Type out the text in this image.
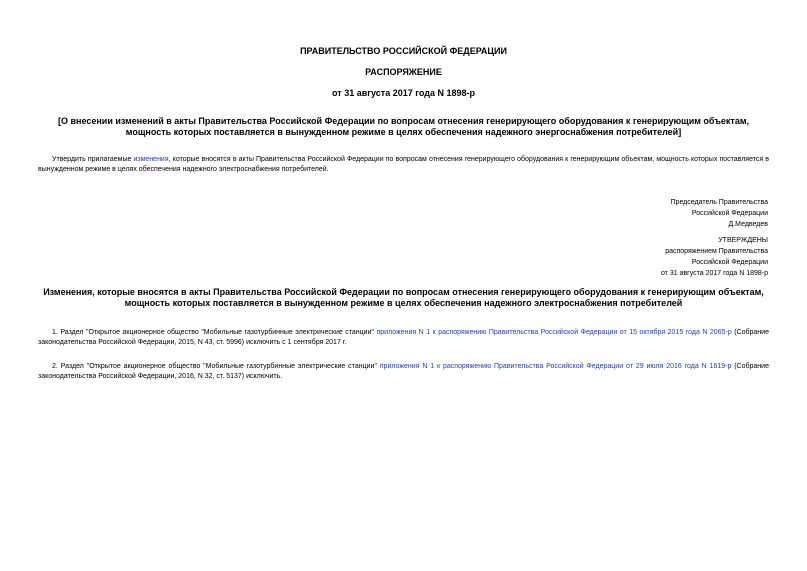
ПРАВИТЕЛЬСТВО РОССИЙСКОЙ ФЕДЕРАЦИИ
РАСПОРЯЖЕНИЕ
от 31 августа 2017 года N 1898-р
[О внесении изменений в акты Правительства Российской Федерации по вопросам отнесения генерирующего оборудования к генерирующим объектам, мощность которых поставляется в вынужденном режиме в целях обеспечения надежного энергоснабжения потребителей]
Утвердить прилагаемые изменения, которые вносятся в акты Правительства Российской Федерации по вопросам отнесения генерирующего оборудования к генерирующим объектам, мощность которых поставляется в вынужденном режиме в целях обеспечения надежного электроснабжения потребителей.
Председатель Правительства
Российской Федерации
Д.Медведев
УТВЕРЖДЕНЫ
распоряжением Правительства
Российской Федерации
от 31 августа 2017 года N 1898-р
Изменения, которые вносятся в акты Правительства Российской Федерации по вопросам отнесения генерирующего оборудования к генерирующим объектам, мощность которых поставляется в вынужденном режиме в целях обеспечения надежного электроснабжения потребителей
1. Раздел "Открытое акционерное общество "Мобильные газотурбинные электрические станции" приложения N 1 к распоряжению Правительства Российской Федерации от 15 октября 2015 года N 2065-р (Собрание законодательства Российской Федерации, 2015, N 43, ст. 5996) исключить с 1 сентября 2017 г.
2. Раздел "Открытое акционерное общество "Мобильные газотурбинные электрические станции" приложения N 1 к распоряжению Правительства Российской Федерации от 29 июля 2016 года N 1619-р (Собрание законодательства Российской Федерации, 2016, N 32, ст. 5137) исключить.
